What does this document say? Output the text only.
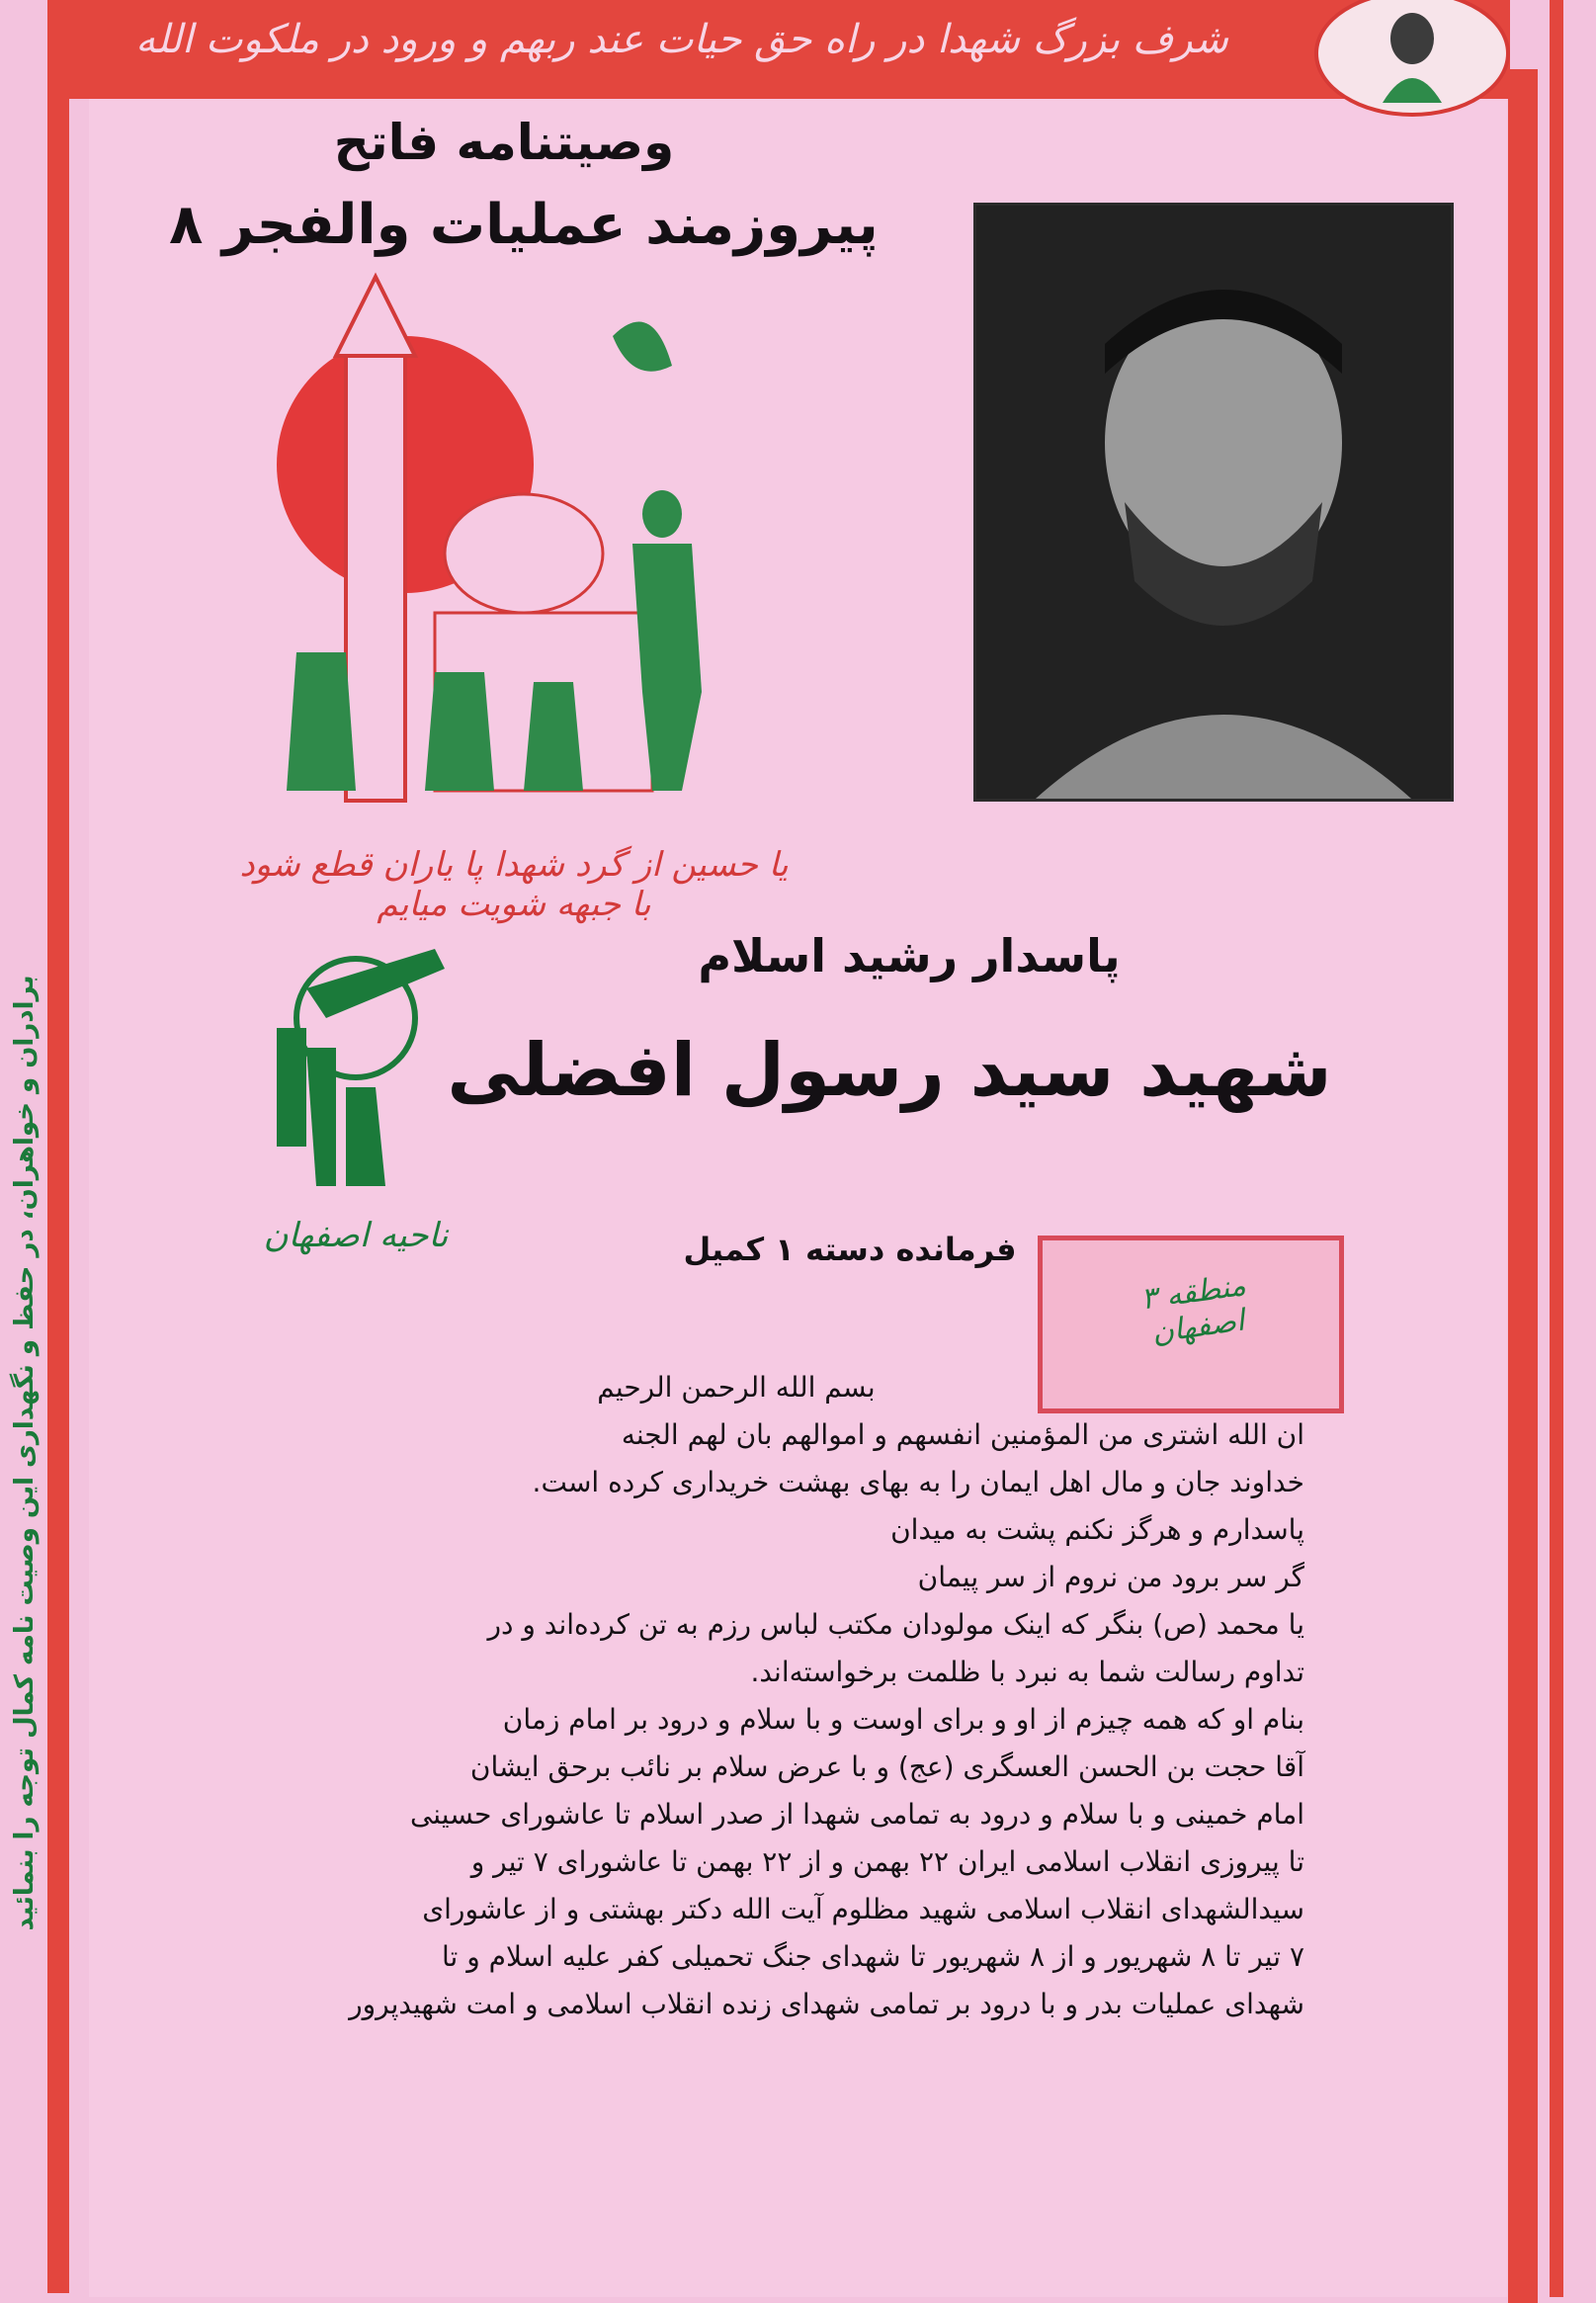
شرف بزرگ شهدا در راه حق حیات عند ربهم و ورود در ملکوت الله
برادران و خواهران، در حفظ و نگهداری این وصیت نامه کمال توجه را بنمائید
وصیتنامه فاتح
پیروزمند عملیات والفجر ۸
یا حسین از گرد شهدا پا یاران قطع شود با جبهه شویت میایم
ناحیه اصفهان
پاسدار رشید اسلام
شهید سید رسول افضلی
فرمانده دسته ۱ کمیل
منطقه ۳ اصفهان

بسم الله الرحمن الرحیم

ان الله اشتری من المؤمنین انفسهم و اموالهم بان لهم الجنه

خداوند جان و مال اهل ایمان را به بهای بهشت خریداری کرده است.

پاسدارم و هرگز نکنم پشت به میدان

گر سر برود من نروم از سر پیمان

یا محمد (ص) بنگر که اینک مولودان مکتب لباس رزم به تن کرده‌اند و در

تداوم رسالت شما به نبرد با ظلمت برخواسته‌اند.

بنام او که همه چیزم از او و برای اوست و با سلام و درود بر امام زمان

آقا حجت بن الحسن العسگری (عج) و با عرض سلام بر نائب برحق ایشان

امام خمینی و با سلام و درود به تمامی شهدا از صدر اسلام تا عاشورای حسینی

تا پیروزی انقلاب اسلامی ایران ۲۲ بهمن و از ۲۲ بهمن تا عاشورای ۷ تیر و

سیدالشهدای انقلاب اسلامی شهید مظلوم آیت الله دکتر بهشتی و از عاشورای

۷ تیر تا ۸ شهریور و از ۸ شهریور تا شهدای جنگ تحمیلی کفر علیه اسلام و تا

شهدای عملیات بدر و با درود بر تمامی شهدای زنده انقلاب اسلامی و امت شهیدپرور
